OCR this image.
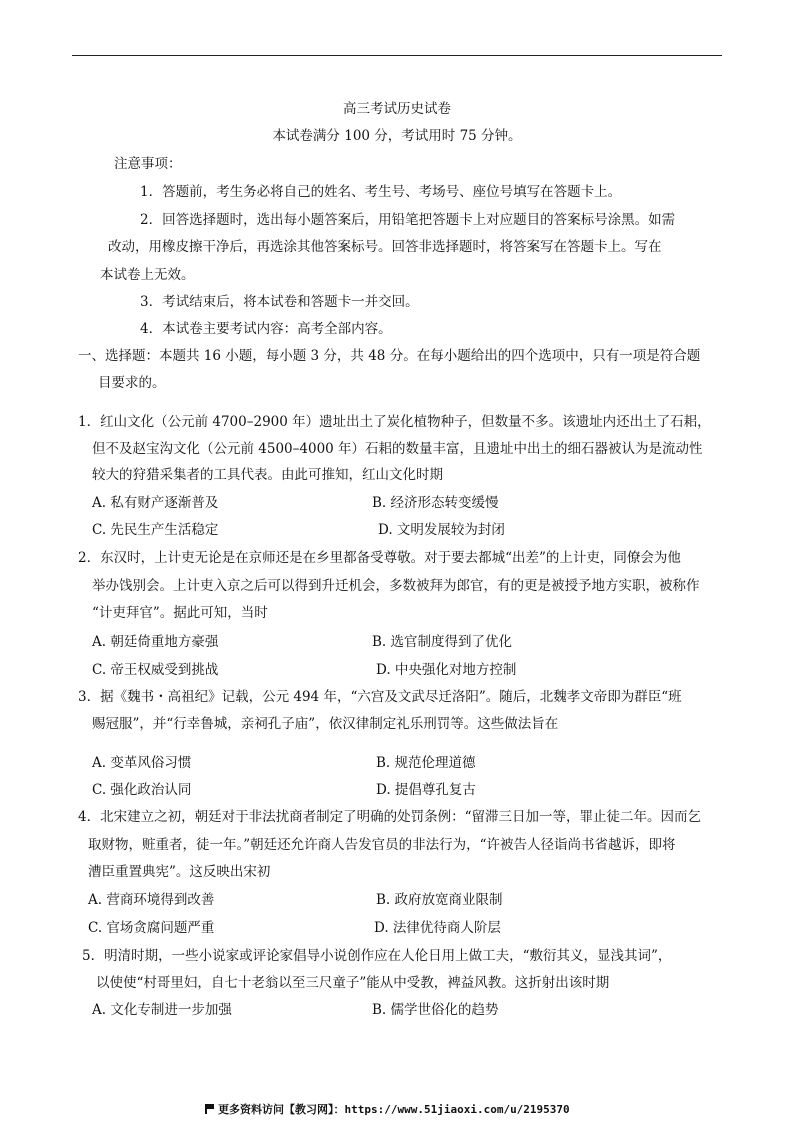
高三考试历史试卷
本试卷满分 100 分，考试用时 75 分钟。
注意事项：
1．答题前，考生务必将自己的姓名、考生号、考场号、座位号填写在答题卡上。
2．回答选择题时，选出每小题答案后，用铅笔把答题卡上对应题目的答案标号涂黑。如需
改动，用橡皮擦干净后，再选涂其他答案标号。回答非选择题时，将答案写在答题卡上。写在
本试卷上无效。
3．考试结束后，将本试卷和答题卡一并交回。
4．本试卷主要考试内容：高考全部内容。
一、选择题：本题共 16 小题，每小题 3 分，共 48 分。在每小题给出的四个选项中，只有一项是符合题
目要求的。
1．红山文化（公元前 4700–2900 年）遗址出土了炭化植物种子，但数量不多。该遗址内还出土了石耜，
但不及赵宝沟文化（公元前 4500–4000 年）石耜的数量丰富，且遗址中出土的细石器被认为是流动性
较大的狩猎采集者的工具代表。由此可推知，红山文化时期
A. 私有财产逐渐普及	B. 经济形态转变缓慢
C. 先民生产生活稳定	D. 文明发展较为封闭
2．东汉时，上计吏无论是在京师还是在乡里都备受尊敬。对于要去都城“出差”的上计吏，同僚会为他
举办饯别会。上计吏入京之后可以得到升迁机会，多数被拜为郎官，有的更是被授予地方实职，被称作
“计吏拜官”。据此可知，当时
A. 朝廷倚重地方豪强	B. 选官制度得到了优化
C. 帝王权威受到挑战	D. 中央强化对地方控制
3．据《魏书・高祖纪》记载，公元 494 年，“六宫及文武尽迁洛阳”。随后，北魏孝文帝即为群臣“班
赐冠服”，并“行幸鲁城，亲祠孔子庙”，依汉律制定礼乐刑罚等。这些做法旨在
A. 变革风俗习惯	B. 规范伦理道德
C. 强化政治认同	D. 提倡尊孔复古
4．北宋建立之初，朝廷对于非法扰商者制定了明确的处罚条例：“留滞三日加一等，罪止徒二年。因而乞
取财物，赃重者，徒一年。”朝廷还允许商人告发官员的非法行为，“许被告人径诣尚书省越诉，即将
漕臣重置典宪”。这反映出宋初
A. 营商环境得到改善	B. 政府放宽商业限制
C. 官场贪腐问题严重	D. 法律优待商人阶层
5．明清时期，一些小说家或评论家倡导小说创作应在人伦日用上做工夫，“敷衍其义，显浅其词”，
以使使“村哥里妇，自七十老翁以至三尺童子”能从中受教，裨益风教。这折射出该时期
A. 文化专制进一步加强	B. 儒学世俗化的趋势
更多资料访问【教习网】：https://www.51jiaoxi.com/u/2195370
